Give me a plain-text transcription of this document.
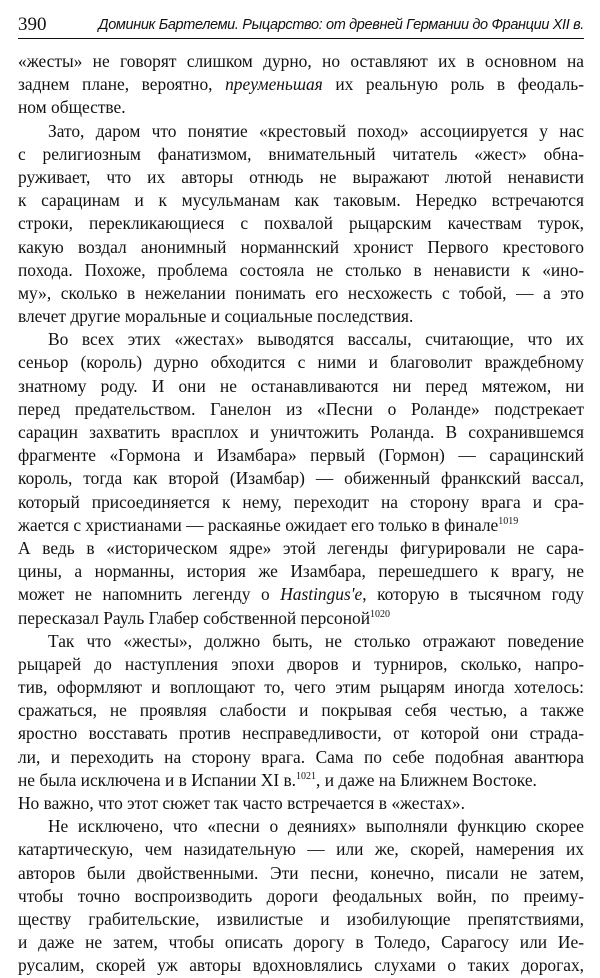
390	Доминик Бартелеми. Рыцарство: от древней Германии до Франции XII в.
«жесты» не говорят слишком дурно, но оставляют их в основном на
заднем плане, вероятно, преуменьшая их реальную роль в феодаль-
ном обществе.
Зато, даром что понятие «крестовый поход» ассоциируется у нас
с религиозным фанатизмом, внимательный читатель «жест» обна-
руживает, что их авторы отнюдь не выражают лютой ненависти
к сарацинам и к мусульманам как таковым. Нередко встречаются
строки, перекликающиеся с похвалой рыцарским качествам турок,
какую воздал анонимный норманнский хронист Первого крестового
похода. Похоже, проблема состояла не столько в ненависти к «ино-
му», сколько в нежелании понимать его несхожесть с тобой, — а это
влечет другие моральные и социальные последствия.
Во всех этих «жестах» выводятся вассалы, считающие, что их
сеньор (король) дурно обходится с ними и благоволит враждебному
знатному роду. И они не останавливаются ни перед мятежом, ни
перед предательством. Ганелон из «Песни о Роланде» подстрекает
сарацин захватить врасплох и уничтожить Роланда. В сохранившемся
фрагменте «Гормона и Изамбара» первый (Гормон) — сарацинский
король, тогда как второй (Изамбар) — обиженный франкский вассал,
который присоединяется к нему, переходит на сторону врага и сра-
жается с христианами — раскаянье ожидает его только в финале$^{1019}$
А ведь в «историческом ядре» этой легенды фигурировали не сара-
цины, а норманны, история же Изамбара, перешедшего к врагу, не
может не напомнить легенду о Hastingus'е, которую в тысячном году
пересказал Рауль Глабер собственной персоной$^{1020}$
Так что «жесты», должно быть, не столько отражают поведение
рыцарей до наступления эпохи дворов и турниров, сколько, напро-
тив, оформляют и воплощают то, чего этим рыцарям иногда хотелось:
сражаться, не проявляя слабости и покрывая себя честью, а также
яростно восставать против несправедливости, от которой они страда-
ли, и переходить на сторону врага. Сама по себе подобная авантюра
не была исключена и в Испании XI в.$^{1021}$, и даже на Ближнем Востоке.
Но важно, что этот сюжет так часто встречается в «жестах».
Не исключено, что «песни о деяниях» выполняли функцию скорее
катартическую, чем назидательную — или же, скорей, намерения их
авторов были двойственными. Эти песни, конечно, писали не затем,
чтобы точно воспроизводить дороги феодальных войн, по преиму-
ществу грабительские, извилистые и изобилующие препятствиями,
и даже не затем, чтобы описать дорогу в Толедо, Сарагосу или Ие-
русалим, скорей уж авторы вдохновлялись слухами о таких дорогах,
